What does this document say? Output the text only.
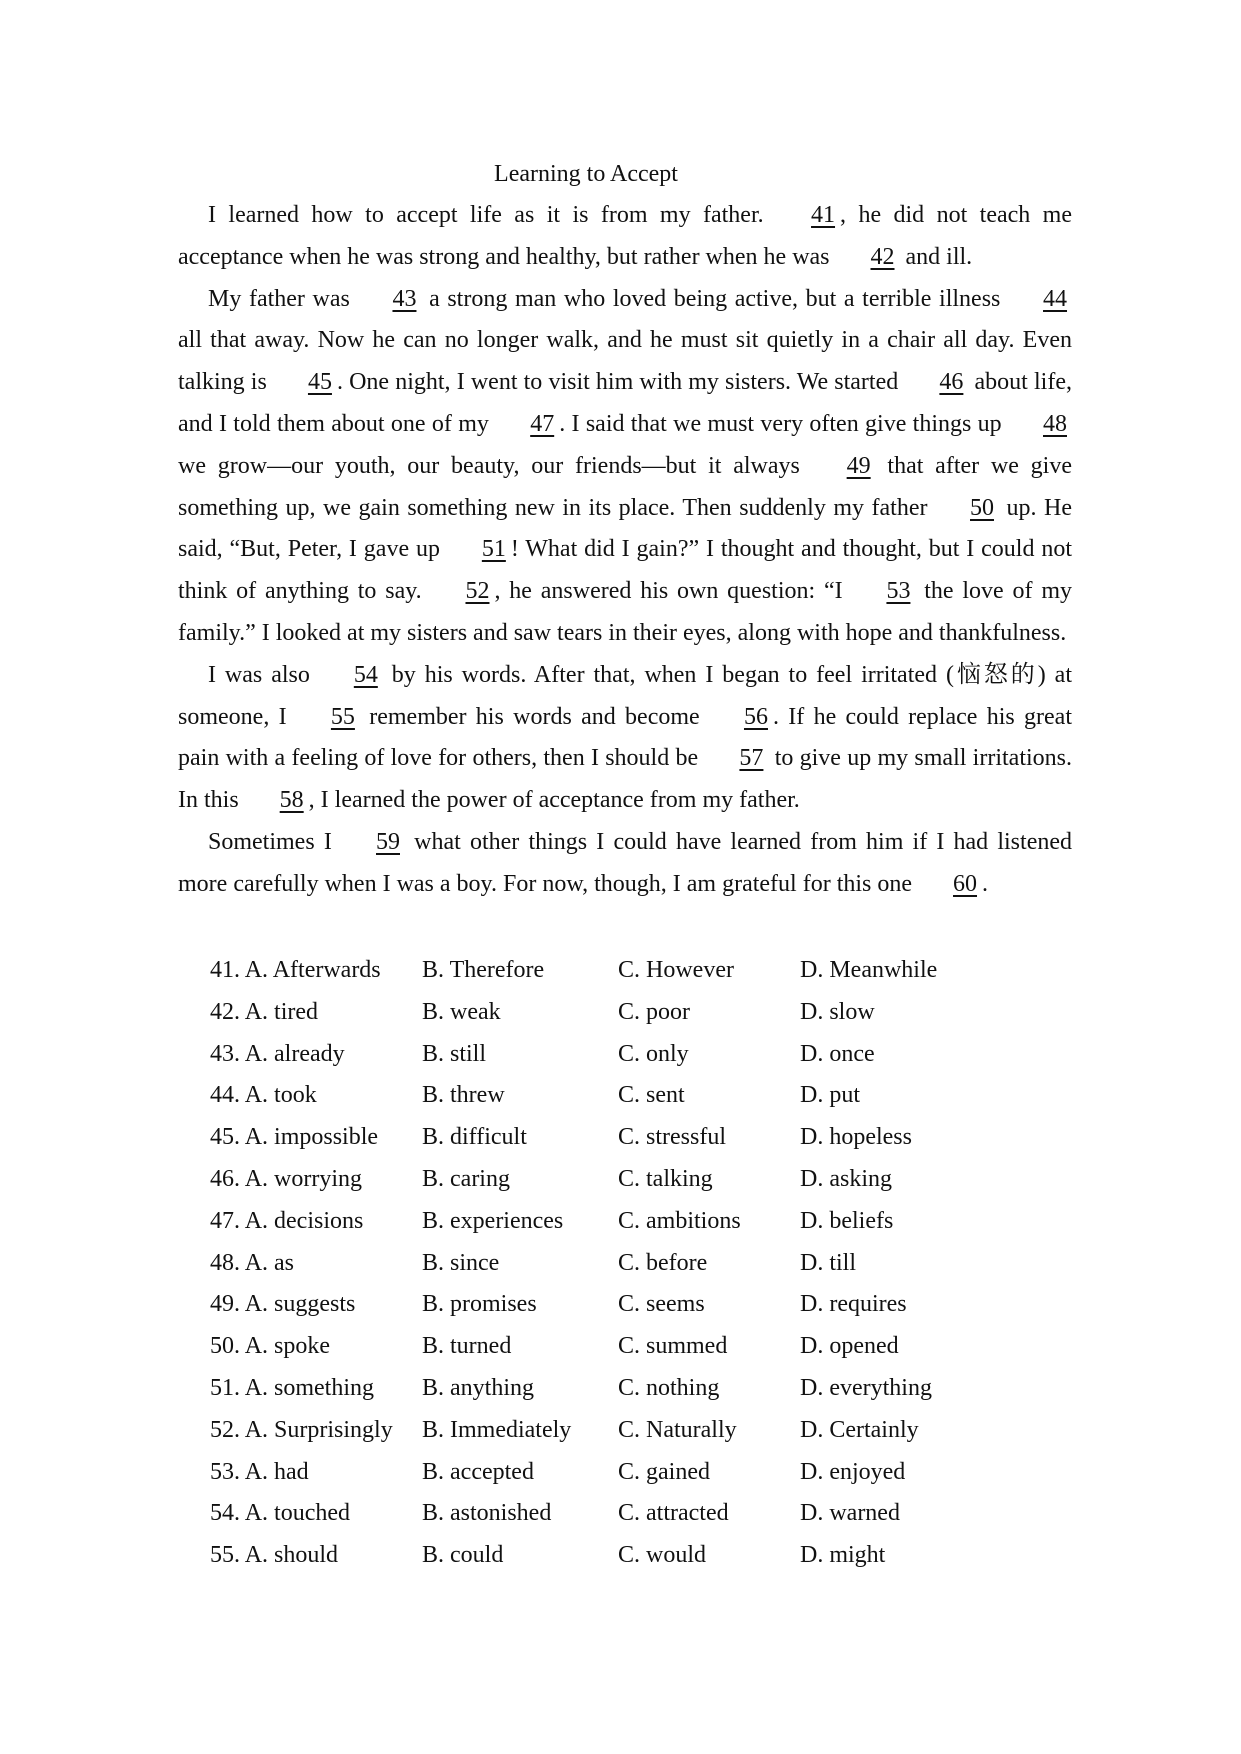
Learning to Accept

I learned how to accept life as it is from my father. 41 , he did not teach me acceptance when he was strong and healthy, but rather when he was 42 and ill.

My father was 43 a strong man who loved being active, but a terrible illness 44 all that away. Now he can no longer walk, and he must sit quietly in a chair all day. Even talking is 45 . One night, I went to visit him with my sisters. We started 46 about life, and I told them about one of my 47 . I said that we must very often give things up 48 we grow—our youth, our beauty, our friends—but it always 49 that after we give something up, we gain something new in its place. Then suddenly my father 50 up. He said, “But, Peter, I gave up 51 ! What did I gain?” I thought and thought, but I could not think of anything to say. 52 , he answered his own question: “I 53 the love of my family.” I looked at my sisters and saw tears in their eyes, along with hope and thankfulness.

I was also 54 by his words. After that, when I began to feel irritated (恼怒的) at someone, I 55 remember his words and become 56 . If he could replace his great pain with a feeling of love for others, then I should be 57 to give up my small irritations. In this 58 , I learned the power of acceptance from my father.

Sometimes I 59 what other things I could have learned from him if I had listened more carefully when I was a boy. For now, though, I am grateful for this one 60 .

41. A. Afterwards B. Therefore	C. However	D. Meanwhile
42. A. tired	B. weak	C. poor	D. slow
43. A. already	B. still	C. only	D. once
44. A. took	B. threw	C. sent	D. put
45. A. impossible B. difficult	C. stressful	D. hopeless
46. A. worrying B. caring	C. talking	D. asking
47. A. decisions B. experiences C. ambitions D. beliefs
48. A. as	B. since	C. before	D. till
49. A. suggests	B. promises	C. seems	D. requires
50. A. spoke	B. turned	C. summed	D. opened
51. A. something B. anything	C. nothing	D. everything
52. A. Surprisingly B. Immediately C. Naturally	D. Certainly
53. A. had	B. accepted	C. gained	D. enjoyed
54. A. touched	B. astonished	C. attracted	D. warned
55. A. should	B. could	C. would	D. might
